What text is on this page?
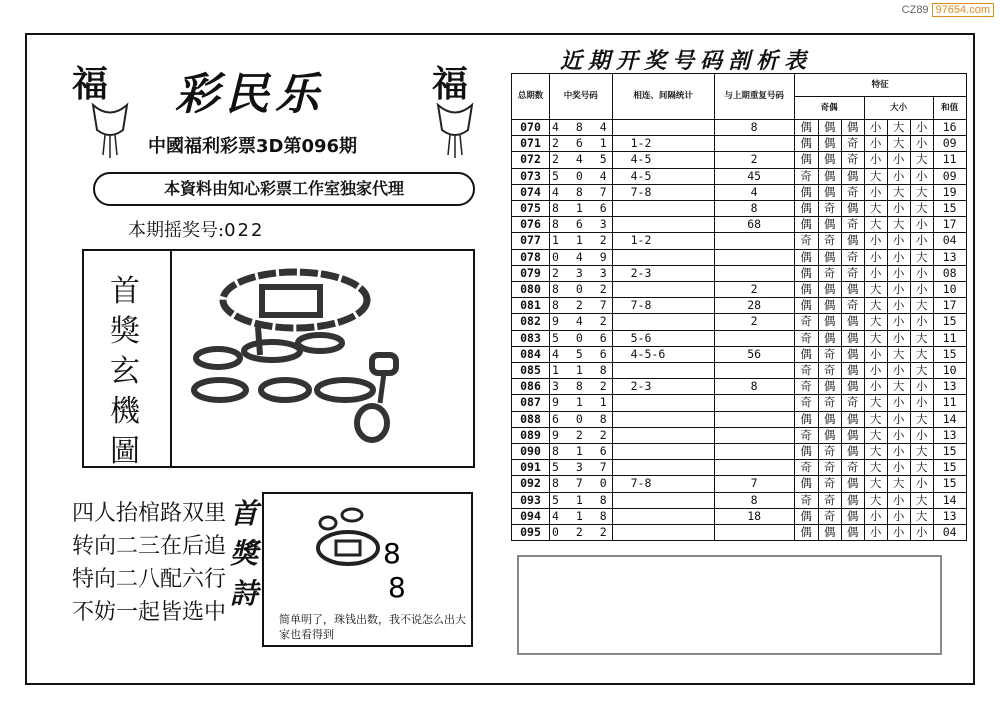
CZ89 97654.com
福	福
彩民乐
中國福利彩票3D第096期
本資料由知心彩票工作室独家代理
本期摇奖号:022
首
獎
玄
機
圖
四人抬棺路双里
转向二三在后追
特向二八配六行
不妨一起皆选中
首
獎
詩
8
8
简单明了，珠钱出数，我不说怎么出大家也看得到
近期开奖号码剖析表
总期数	中奖号码	相连、间隔统计	与上期重复号码	特征						
				奇偶			大小			和值
070	4 8 4		8	偶	偶	偶	小	大	小	16
071	2 6 1	1-2		偶	偶	奇	小	大	小	09
072	2 4 5	4-5	2	偶	偶	奇	小	小	大	11
073	5 0 4	4-5	45	奇	偶	偶	大	小	小	09
074	4 8 7	7-8	4	偶	偶	奇	小	大	大	19
075	8 1 6		8	偶	奇	偶	大	小	大	15
076	8 6 3		68	偶	偶	奇	大	大	小	17
077	1 1 2	1-2		奇	奇	偶	小	小	小	04
078	0 4 9			偶	偶	奇	小	小	大	13
079	2 3 3	2-3		偶	奇	奇	小	小	小	08
080	8 0 2		2	偶	偶	偶	大	小	小	10
081	8 2 7	7-8	28	偶	偶	奇	大	小	大	17
082	9 4 2		2	奇	偶	偶	大	小	小	15
083	5 0 6	5-6		奇	偶	偶	大	小	大	11
084	4 5 6	4-5-6	56	偶	奇	偶	小	大	大	15
085	1 1 8			奇	奇	偶	小	小	大	10
086	3 8 2	2-3	8	奇	偶	偶	小	大	小	13
087	9 1 1			奇	奇	奇	大	小	小	11
088	6 0 8			偶	偶	偶	大	小	大	14
089	9 2 2			奇	偶	偶	大	小	小	13
090	8 1 6			偶	奇	偶	大	小	大	15
091	5 3 7			奇	奇	奇	大	小	大	15
092	8 7 0	7-8	7	偶	奇	偶	大	大	小	15
093	5 1 8		8	奇	奇	偶	大	小	大	14
094	4 1 8		18	偶	奇	偶	小	小	大	13
095	0 2 2			偶	偶	偶	小	小	小	04
